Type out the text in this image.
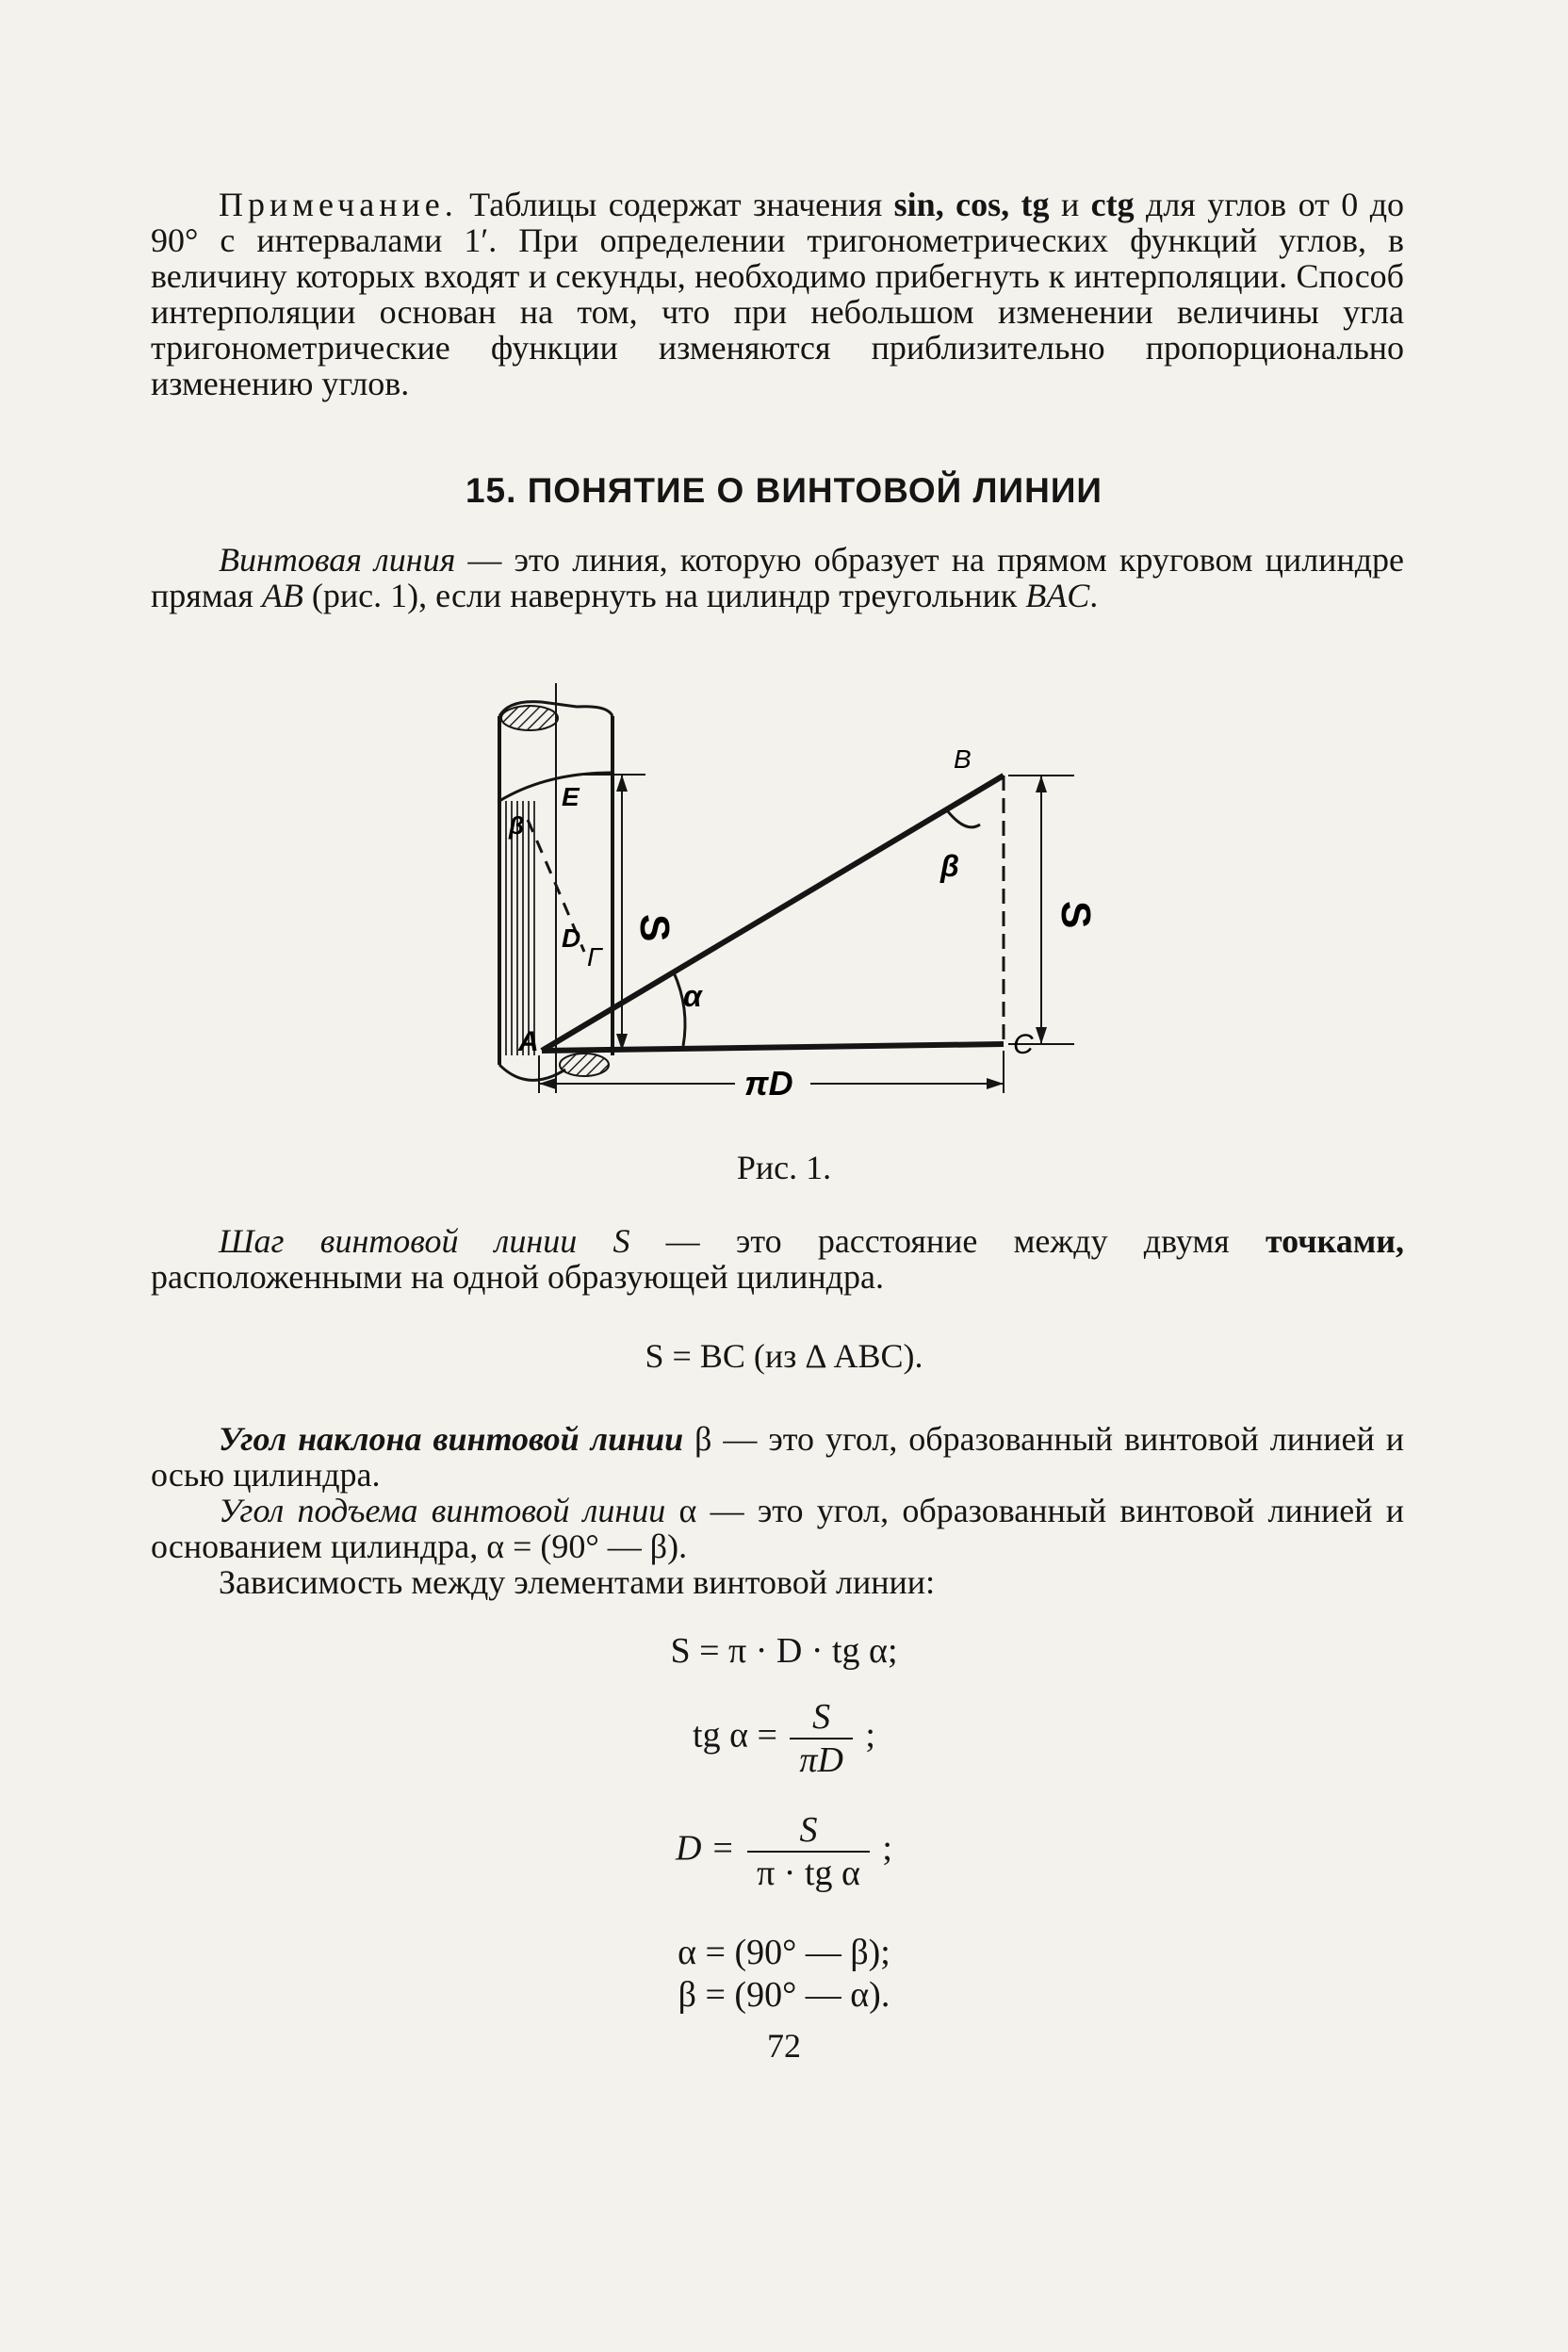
Примечание. Таблицы содержат значения sin, cos, tg и ctg для углов от 0 до 90° с интервалами 1′. При определении тригонометрических функций углов, в величину которых входят и секунды, необходимо прибегнуть к интерполяции. Способ интерполяции основан на том, что при небольшом изменении величины угла тригонометрические функции изменяются приблизительно пропорционально изменению углов.

15. ПОНЯТИЕ О ВИНТОВОЙ ЛИНИИ

Винтовая линия — это линия, которую образует на прямом круговом цилиндре прямая AB (рис. 1), если навернуть на цилиндр треугольник BAC.

B
A	C
E
D
Г
S	S
α
β
β
πD
Рис. 1.

Шаг винтовой линии S — это расстояние между двумя точками, расположенными на одной образующей цилиндра.

S = BC (из Δ ABC).

Угол наклона винтовой линии β — это угол, образованный винтовой линией и осью цилиндра.

Угол подъема винтовой линии α — это угол, образованный винтовой линией и основанием цилиндра, α = (90° — β).

Зависимость между элементами винтовой линии:

S = π · D · tg α;
tg $\alpha = \frac{S}{\pi D}$ ;
$D = \frac{S}{\text{π · tg α}}$ ;
α = (90° — β);
72
β = (90° — α).
